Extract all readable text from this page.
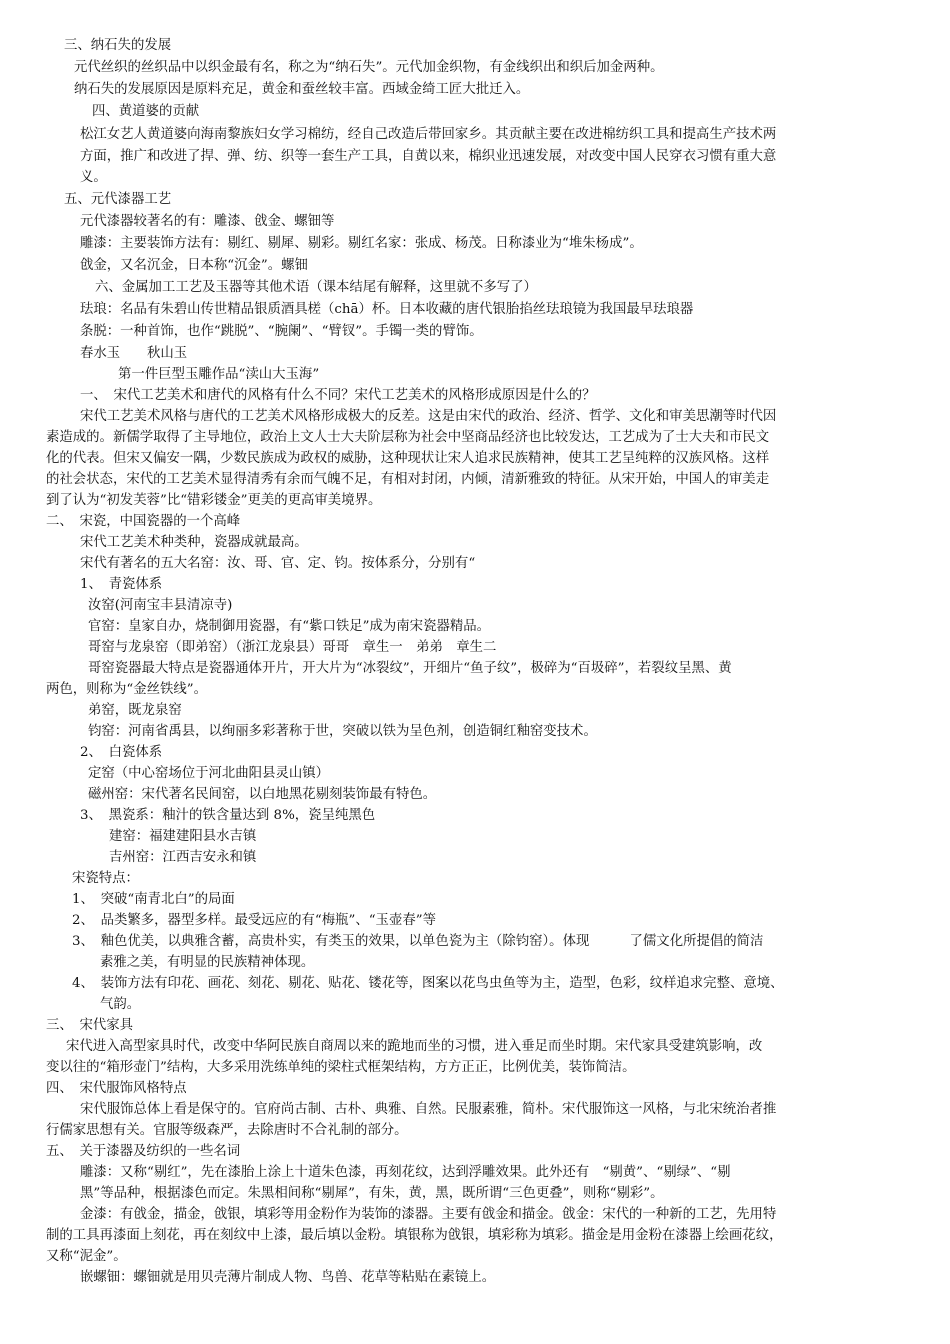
三、纳石失的发展
元代丝织的丝织品中以织金最有名，称之为“纳石失”。元代加金织物，有金线织出和织后加金两种。
纳石失的发展原因是原料充足，黄金和蚕丝较丰富。西域金绮工匠大批迁入。
四、黄道婆的贡献
松江女艺人黄道婆向海南黎族妇女学习棉纺，经自己改造后带回家乡。其贡献主要在改进棉纺织工具和提高生产技术两
方面，推广和改进了捍、弹、纺、织等一套生产工具，自黄以来，棉织业迅速发展，对改变中国人民穿衣习惯有重大意
义。
五、元代漆器工艺
元代漆器较著名的有：雕漆、戗金、螺钿等
雕漆：主要装饰方法有：剔红、剔犀、剔彩。剔红名家：张成、杨茂。日称漆业为“堆朱杨成”。
戗金，又名沉金，日本称“沉金”。螺钿
六、金属加工工艺及玉器等其他术语（课本结尾有解释，这里就不多写了）
珐琅：名品有朱碧山传世精品银质酒具槎（chā）杯。日本收藏的唐代银胎掐丝珐琅镜为我国最早珐琅器
条脱：一种首饰，也作“跳脱”、“腕阑”、“臂钗”。手镯一类的臂饰。
春水玉　　秋山玉
第一件巨型玉雕作品“渎山大玉海”
一、　宋代工艺美术和唐代的风格有什么不同？宋代工艺美术的风格形成原因是什么的？
宋代工艺美术风格与唐代的工艺美术风格形成极大的反差。这是由宋代的政治、经济、哲学、文化和审美思潮等时代因
素造成的。新儒学取得了主导地位，政治上文人士大夫阶层称为社会中坚商品经济也比较发达，工艺成为了士大夫和市民文
化的代表。但宋又偏安一隅，少数民族成为政权的威胁，这种现状让宋人追求民族精神，使其工艺呈纯粹的汉族风格。这样
的社会状态，宋代的工艺美术显得清秀有余而气魄不足，有相对封闭，内倾，清新雅致的特征。从宋开始，中国人的审美走
到了认为“初发芙蓉”比“错彩镂金”更美的更高审美境界。
二、　宋瓷，中国瓷器的一个高峰
宋代工艺美术种类种，瓷器成就最高。
宋代有著名的五大名窑：汝、哥、官、定、钧。按体系分，分别有“
1、　青瓷体系
汝窑(河南宝丰县清凉寺)
官窑：皇家自办，烧制御用瓷器，有“紫口铁足”成为南宋瓷器精品。
哥窑与龙泉窑（即弟窑）（浙江龙泉县）哥哥　章生一　弟弟　章生二
哥窑瓷器最大特点是瓷器通体开片，开大片为“冰裂纹”，开细片“鱼子纹”，极碎为“百圾碎”，若裂纹呈黑、黄
两色，则称为“金丝铁线”。
弟窑，既龙泉窑
钧窑：河南省禹县，以绚丽多彩著称于世，突破以铁为呈色剂，创造铜红釉窑变技术。
2、　白瓷体系
定窑（中心窑场位于河北曲阳县灵山镇）
磁州窑：宋代著名民间窑，以白地黑花剔刻装饰最有特色。
3、　黑瓷系：釉汁的铁含量达到 8%，瓷呈纯黑色
建窑：福建建阳县水吉镇
吉州窑：江西吉安永和镇
宋瓷特点：
1、　突破“南青北白”的局面
2、　品类繁多，器型多样。最受远应的有“梅瓶”、“玉壶春”等
3、　釉色优美，以典雅含蓄，高贵朴实，有类玉的效果，以单色瓷为主（除钧窑）。体现　　　了儒文化所提倡的简洁
素雅之美，有明显的民族精神体现。
4、　装饰方法有印花、画花、刻花、剔花、贴花、镂花等，图案以花鸟虫鱼等为主，造型，色彩，纹样追求完整、意境、
气韵。
三、　宋代家具
宋代进入高型家具时代，改变中华阿民族自商周以来的跪地而坐的习惯，进入垂足而坐时期。宋代家具受建筑影响，改
变以往的“箱形壶门”结构，大多采用洗练单纯的梁柱式框架结构，方方正正，比例优美，装饰简洁。
四、　宋代服饰风格特点
宋代服饰总体上看是保守的。官府尚古制、古朴、典雅、自然。民服素雅，简朴。宋代服饰这一风格，与北宋统治者推
行儒家思想有关。官服等级森严，去除唐时不合礼制的部分。
五、　关于漆器及纺织的一些名词
雕漆：又称“剔红”，先在漆胎上涂上十道朱色漆，再刻花纹，达到浮雕效果。此外还有　“剔黄”、“剔绿”、“剔
黑”等品种，根据漆色而定。朱黑相间称“剔犀”，有朱，黄，黑，既所谓“三色更叠”，则称“剔彩”。
金漆：有戗金，描金，戗银，填彩等用金粉作为装饰的漆器。主要有戗金和描金。戗金：宋代的一种新的工艺，先用特
制的工具再漆面上刻花，再在刻纹中上漆，最后填以金粉。填银称为戗银，填彩称为填彩。描金是用金粉在漆器上绘画花纹，
又称“泥金”。
嵌螺钿：螺钿就是用贝壳薄片制成人物、鸟兽、花草等粘贴在素镜上。
